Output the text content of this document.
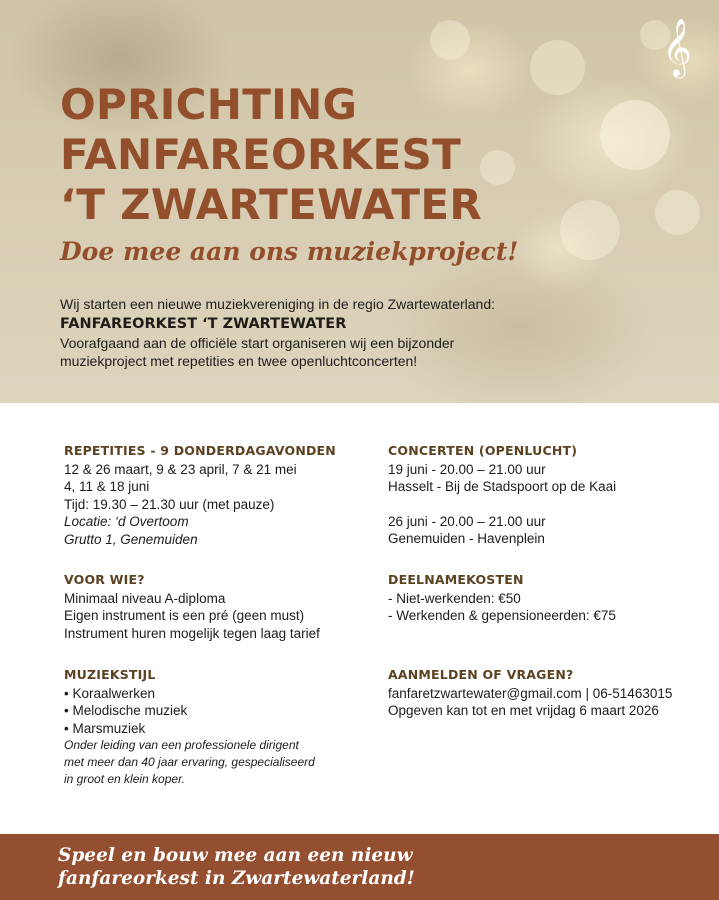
𝄞
OPRICHTING
FANFAREORKEST
‘T ZWARTEWATER
Doe mee aan ons muziekproject!
Wij starten een nieuwe muziekvereniging in de regio Zwartewaterland:
FANFAREORKEST ‘T ZWARTEWATER
Voorafgaand aan de officiële start organiseren wij een bijzonder
muziekproject met repetities en twee openluchtconcerten!
REPETITIES - 9 DONDERDAGAVONDEN
12 & 26 maart, 9 & 23 april, 7 & 21 mei
4, 11 & 18 juni
Tijd: 19.30 – 21.30 uur (met pauze)
Locatie: ‘d Overtoom
Grutto 1, Genemuiden
VOOR WIE?
Minimaal niveau A-diploma
Eigen instrument is een pré (geen must)
Instrument huren mogelijk tegen laag tarief
MUZIEKSTIJL
• Koraalwerken
• Melodische muziek
• Marsmuziek
Onder leiding van een professionele dirigent
met meer dan 40 jaar ervaring, gespecialiseerd
in groot en klein koper.
CONCERTEN (OPENLUCHT)
19 juni - 20.00 – 21.00 uur
Hasselt - Bij de Stadspoort op de Kaai
26 juni - 20.00 – 21.00 uur
Genemuiden - Havenplein
DEELNAMEKOSTEN
- Niet-werkenden: €50
- Werkenden & gepensioneerden: €75
AANMELDEN OF VRAGEN?
fanfaretzwartewater@gmail.com | 06-51463015
Opgeven kan tot en met vrijdag 6 maart 2026
Speel en bouw mee aan een nieuw
fanfareorkest in Zwartewaterland!
